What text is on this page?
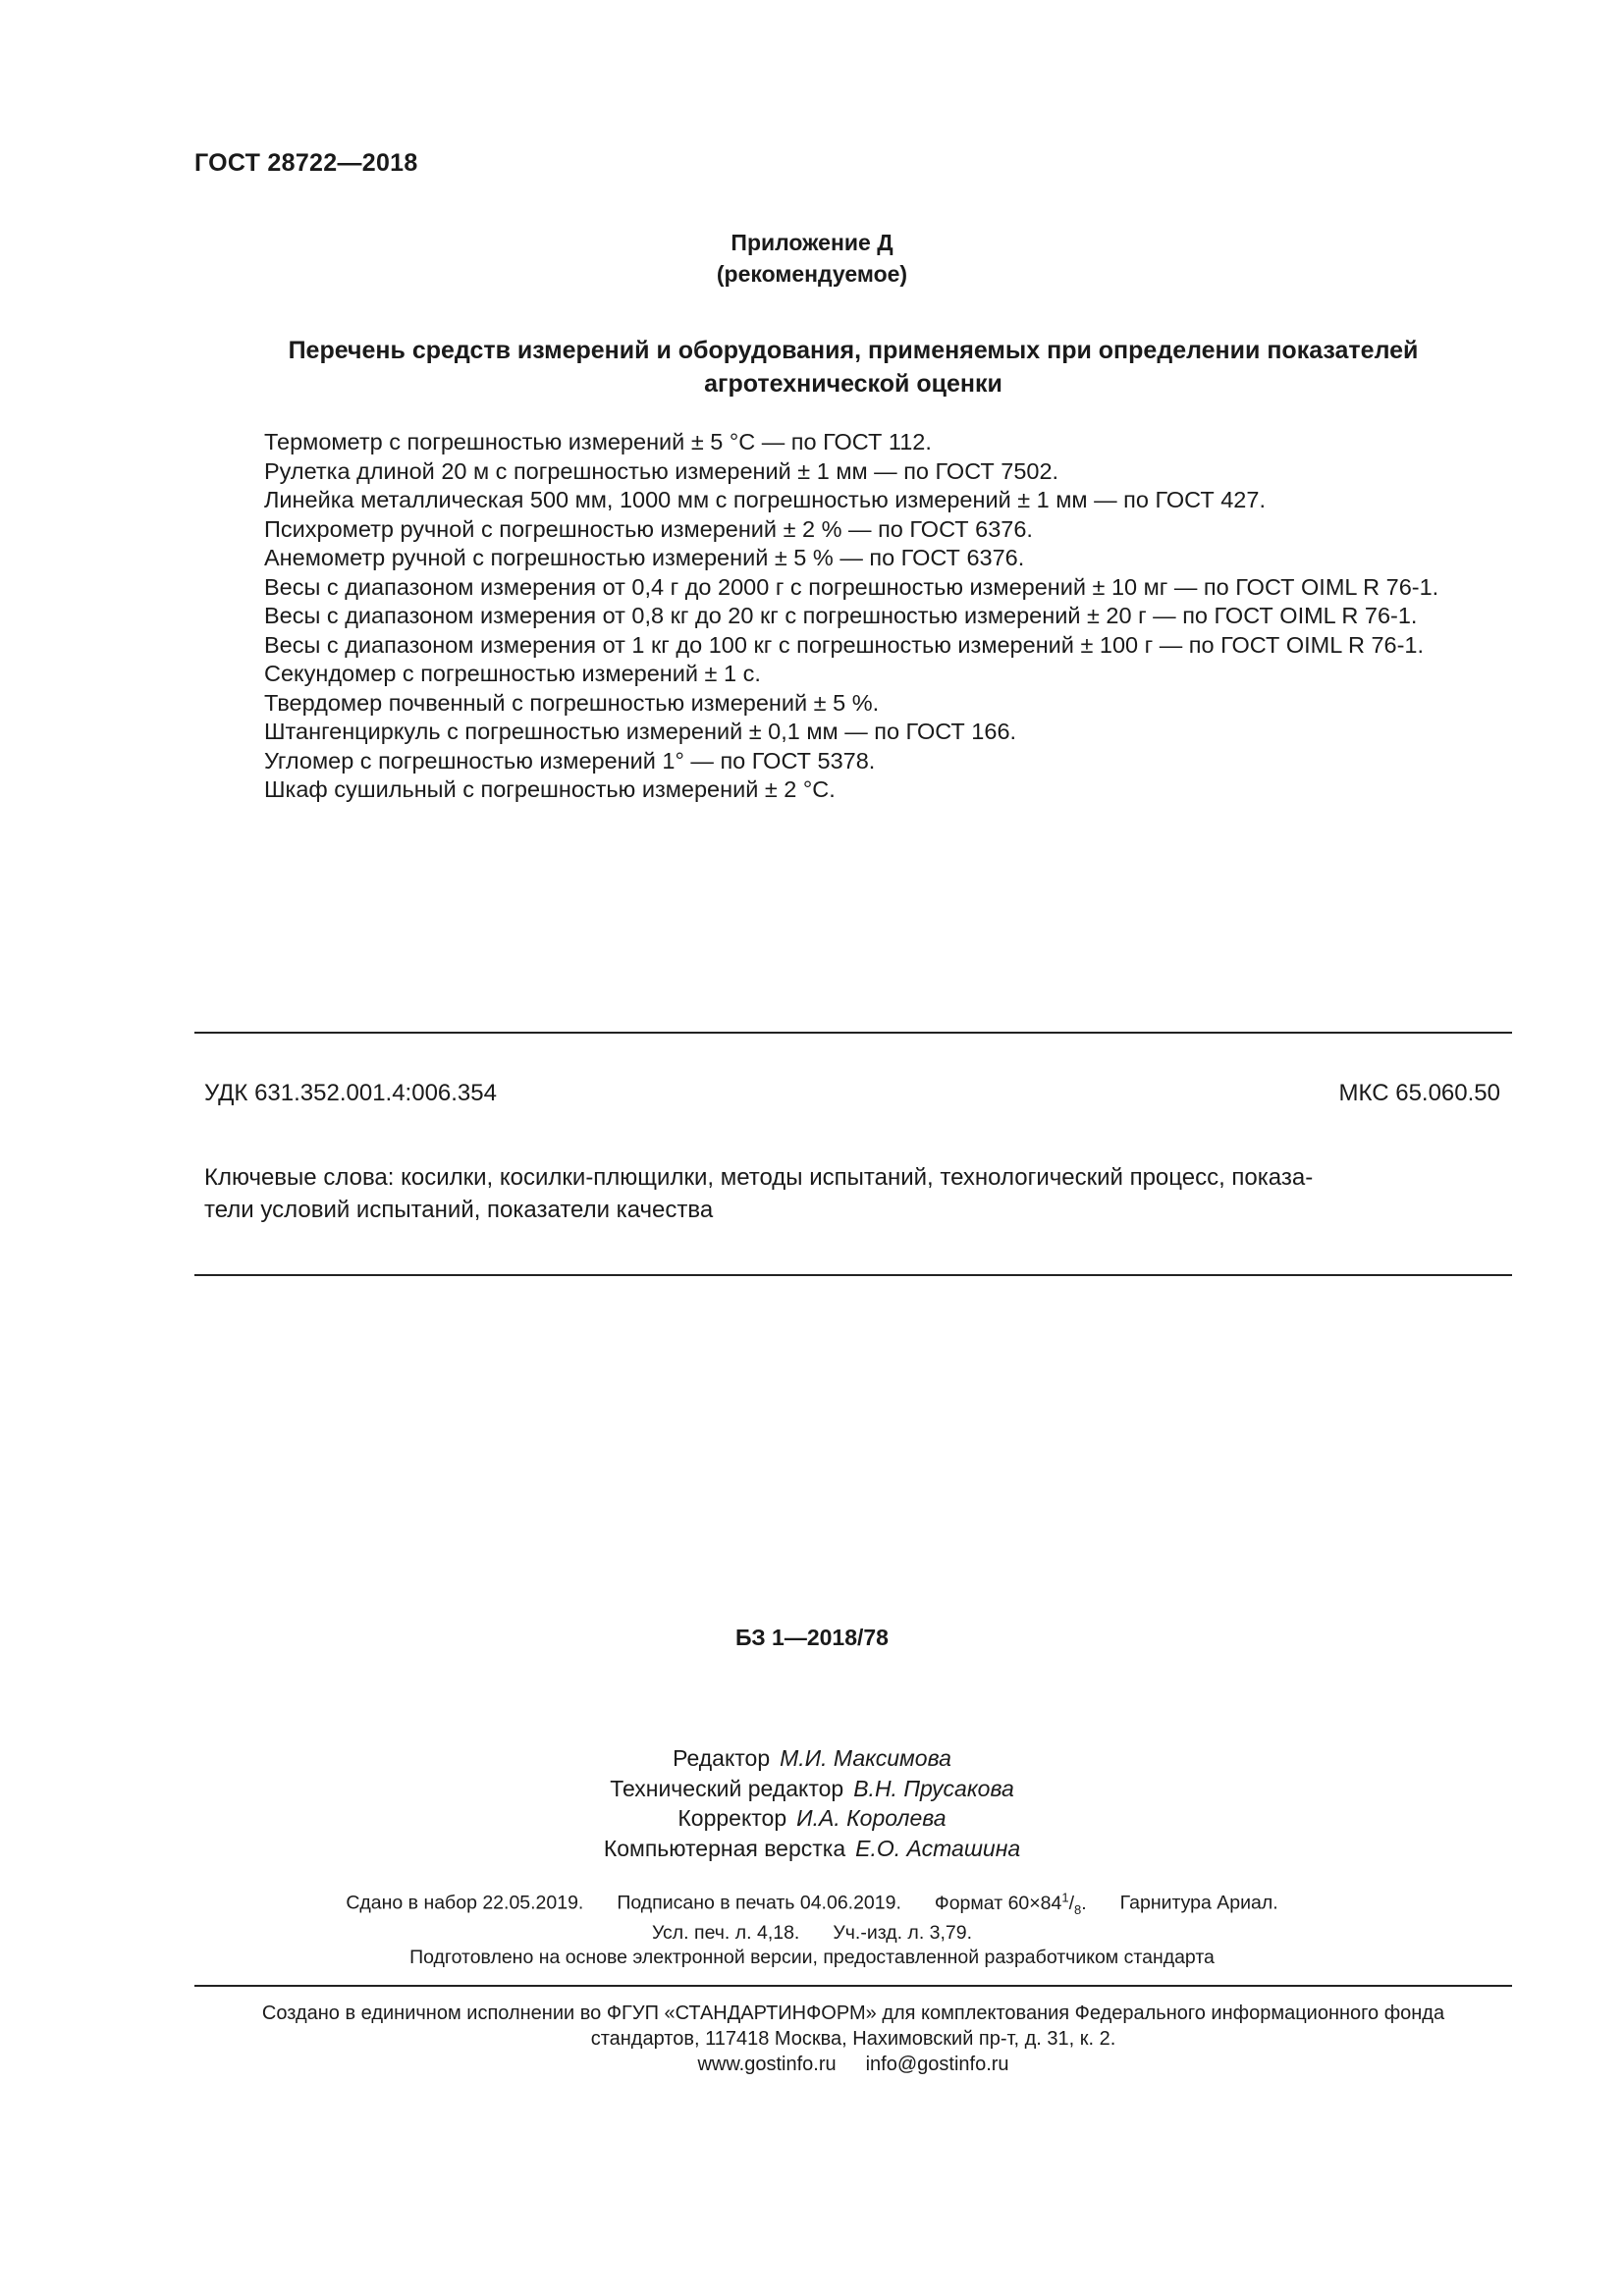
ГОСТ 28722—2018
Приложение Д
(рекомендуемое)
Перечень средств измерений и оборудования, применяемых при определении показателей
агротехнической оценки
Термометр с погрешностью измерений ± 5 °C — по ГОСТ 112.
Рулетка длиной 20 м с погрешностью измерений ± 1 мм — по ГОСТ 7502.
Линейка металлическая 500 мм, 1000 мм с погрешностью измерений ± 1 мм — по ГОСТ 427.
Психрометр ручной с погрешностью измерений ± 2 % — по ГОСТ 6376.
Анемометр ручной с погрешностью измерений ± 5 % — по ГОСТ 6376.
Весы с диапазоном измерения от 0,4 г до 2000 г с погрешностью измерений ± 10 мг — по ГОСТ OIML R 76-1.
Весы с диапазоном измерения от 0,8 кг до 20 кг с погрешностью измерений ± 20 г — по ГОСТ OIML R 76-1.
Весы с диапазоном измерения от 1 кг до 100 кг с погрешностью измерений ± 100 г — по ГОСТ OIML R 76-1.
Секундомер с погрешностью измерений ± 1 с.
Твердомер почвенный с погрешностью измерений ± 5 %.
Штангенциркуль с погрешностью измерений ± 0,1 мм — по ГОСТ 166.
Угломер с погрешностью измерений 1° — по ГОСТ 5378.
Шкаф сушильный с погрешностью измерений ± 2 °C.
УДК 631.352.001.4:006.354	МКС 65.060.50
Ключевые слова: косилки, косилки-плющилки, методы испытаний, технологический процесс, показа-
тели условий испытаний, показатели качества
БЗ 1—2018/78
Редактор М.И. Максимова
Технический редактор В.Н. Прусакова
Корректор И.А. Королева
Компьютерная верстка Е.О. Асташина
Сдано в набор 22.05.2019. Подписано в печать 04.06.2019. Формат $60\times 84^1/_8$. Гарнитура Ариал.
Усл. печ. л. 4,18. Уч.-изд. л. 3,79.
Подготовлено на основе электронной версии, предоставленной разработчиком стандарта
Создано в единичном исполнении во ФГУП «СТАНДАРТИНФОРМ» для комплектования Федерального информационного фонда
стандартов, 117418 Москва, Нахимовский пр-т, д. 31, к. 2.
www.gostinfo.ru info@gostinfo.ru
